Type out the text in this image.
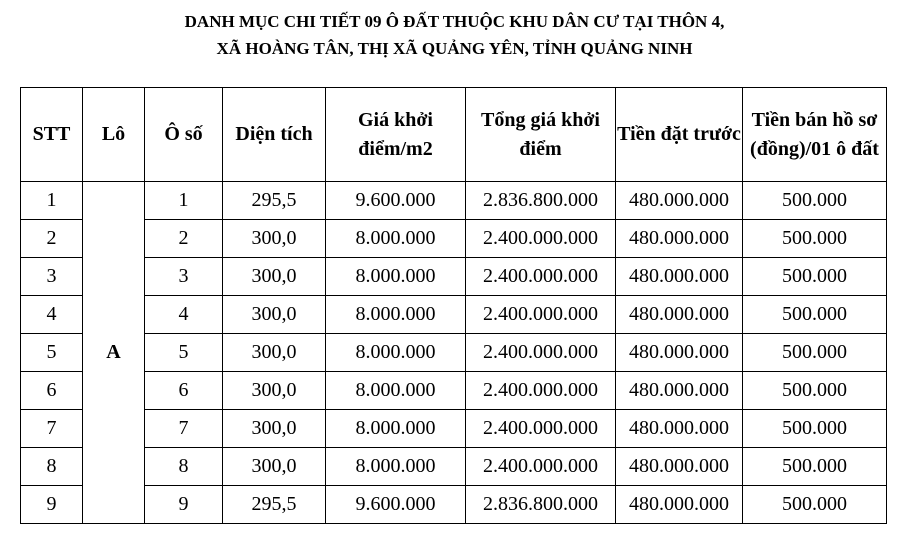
DANH MỤC CHI TIẾT 09 Ô ĐẤT THUỘC KHU DÂN CƯ TẠI THÔN 4,
XÃ HOÀNG TÂN, THỊ XÃ QUẢNG YÊN, TỈNH QUẢNG NINH
STT	Lô	Ô số	Diện tích	Giá khởi điểm/m2	Tổng giá khởi điểm	Tiền đặt trước	Tiền bán hồ sơ (đồng)/01 ô đất
1	A	1	295,5	9.600.000	2.836.800.000	480.000.000	500.000
2		2	300,0	8.000.000	2.400.000.000	480.000.000	500.000
3		3	300,0	8.000.000	2.400.000.000	480.000.000	500.000
4		4	300,0	8.000.000	2.400.000.000	480.000.000	500.000
5		5	300,0	8.000.000	2.400.000.000	480.000.000	500.000
6		6	300,0	8.000.000	2.400.000.000	480.000.000	500.000
7		7	300,0	8.000.000	2.400.000.000	480.000.000	500.000
8		8	300,0	8.000.000	2.400.000.000	480.000.000	500.000
9		9	295,5	9.600.000	2.836.800.000	480.000.000	500.000
